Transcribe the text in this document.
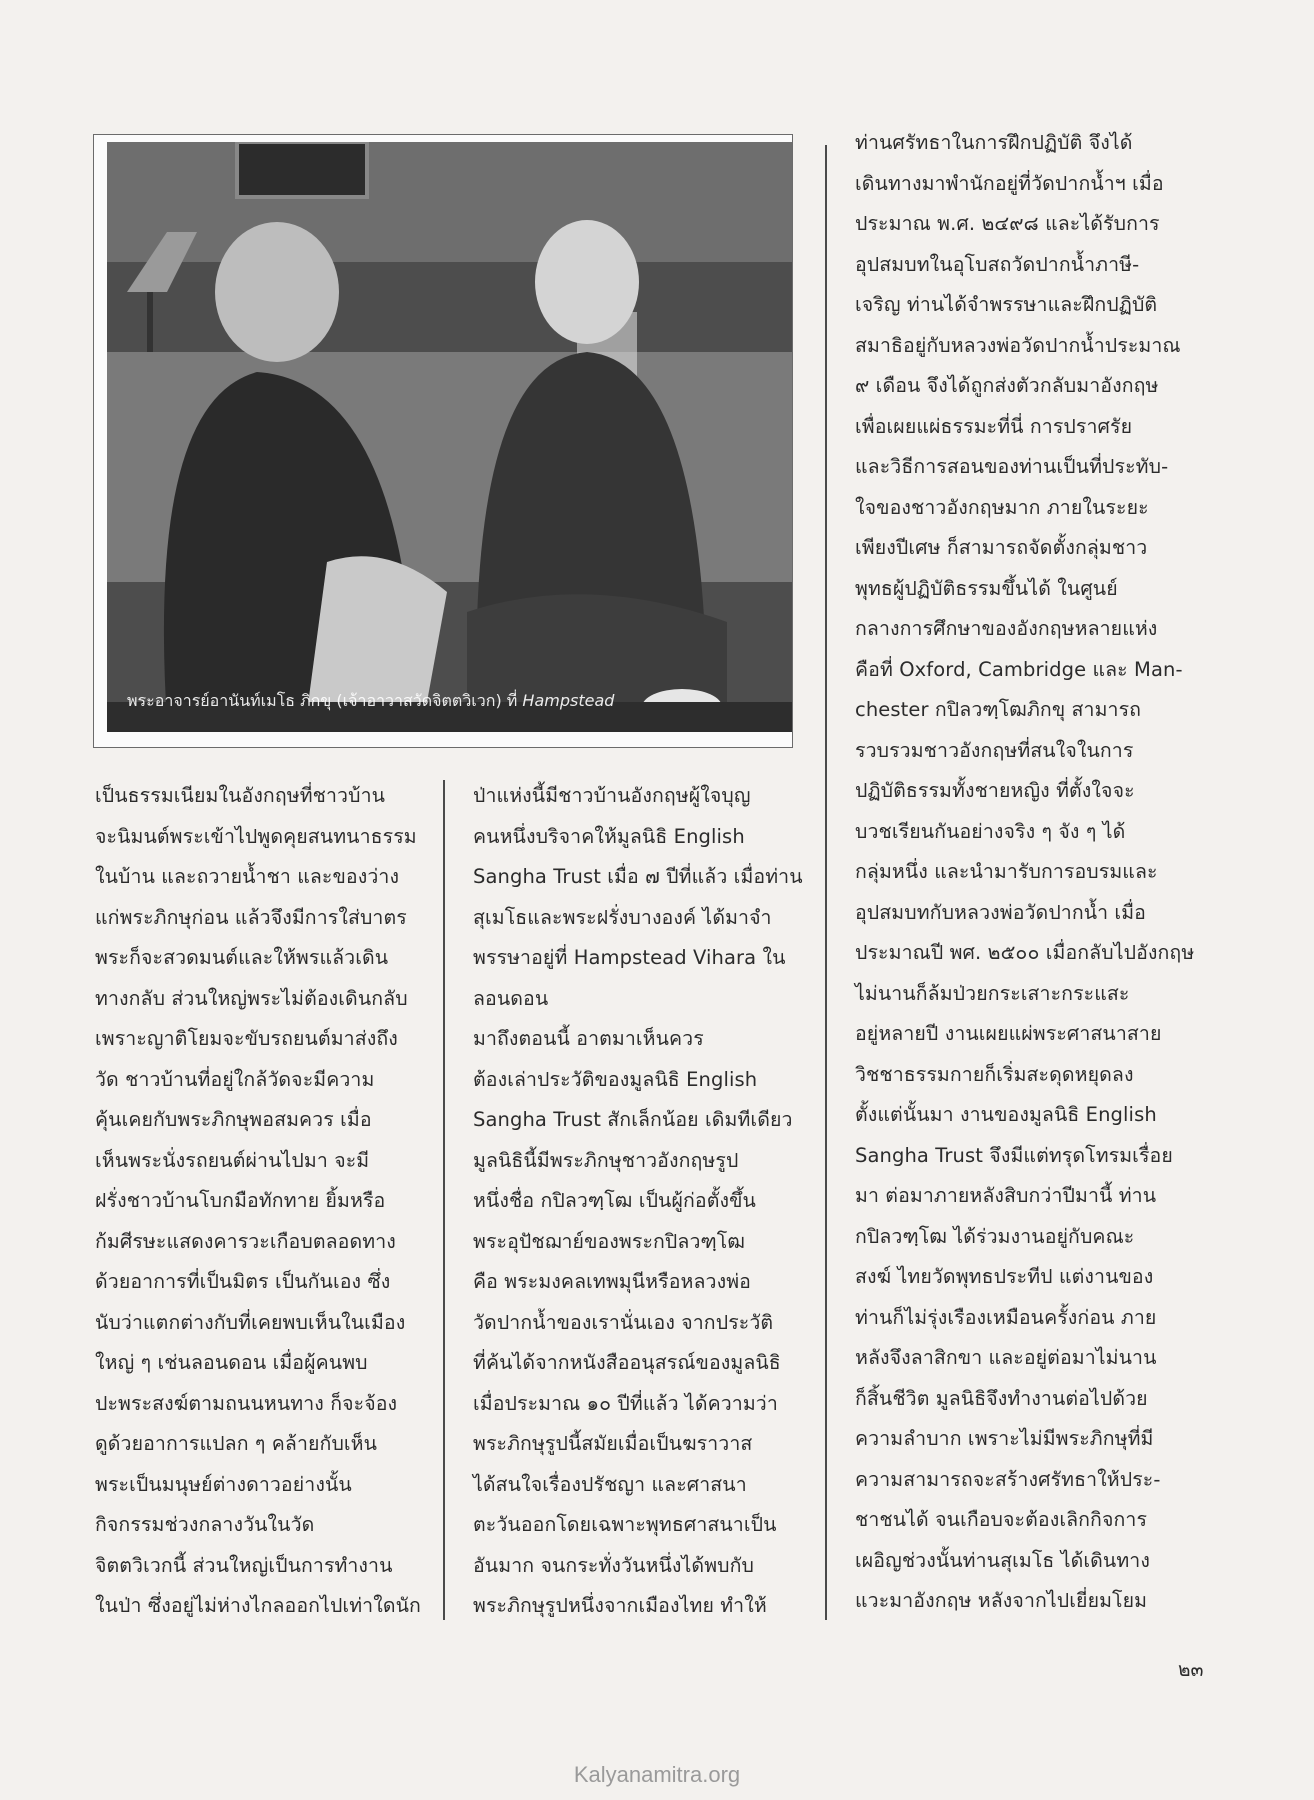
พระอาจารย์อานันท์เมโธ ภิกขุ (เจ้าอาวาสวัดจิตตวิเวก) ที่ Hampstead
ท่านศรัทธาในการฝึกปฏิบัติ จึงได้
เดินทางมาพำนักอยู่ที่วัดปากน้ำฯ เมื่อ
ประมาณ พ.ศ. ๒๔๙๘ และได้รับการ
อุปสมบทในอุโบสถวัดปากน้ำภาษี-
เจริญ ท่านได้จำพรรษาและฝึกปฏิบัติ
สมาธิอยู่กับหลวงพ่อวัดปากน้ำประมาณ
๙ เดือน จึงได้ถูกส่งตัวกลับมาอังกฤษ
เพื่อเผยแผ่ธรรมะที่นี่ การปราศรัย
และวิธีการสอนของท่านเป็นที่ประทับ-
ใจของชาวอังกฤษมาก ภายในระยะ
เพียงปีเศษ ก็สามารถจัดตั้งกลุ่มชาว
พุทธผู้ปฏิบัติธรรมขึ้นได้ ในศูนย์
กลางการศึกษาของอังกฤษหลายแห่ง
คือที่ Oxford, Cambridge และ Man-
chester กปิลวฑฺโฒภิกขุ สามารถ
รวบรวมชาวอังกฤษที่สนใจในการ
ปฏิบัติธรรมทั้งชายหญิง ที่ตั้งใจจะ
บวชเรียนกันอย่างจริง ๆ จัง ๆ ได้
กลุ่มหนึ่ง และนำมารับการอบรมและ
อุปสมบทกับหลวงพ่อวัดปากน้ำ เมื่อ
ประมาณปี พศ. ๒๕๐๐ เมื่อกลับไปอังกฤษ
ไม่นานก็ล้มป่วยกระเสาะกระแสะ
อยู่หลายปี งานเผยแผ่พระศาสนาสาย
วิชชาธรรมกายก็เริ่มสะดุดหยุดลง
ตั้งแต่นั้นมา งานของมูลนิธิ English
Sangha Trust จึงมีแต่ทรุดโทรมเรื่อย
มา ต่อมาภายหลังสิบกว่าปีมานี้ ท่าน
กปิลวฑฺโฒ ได้ร่วมงานอยู่กับคณะ
สงฆ์ ไทยวัดพุทธประทีป แต่งานของ
ท่านก็ไม่รุ่งเรืองเหมือนครั้งก่อน ภาย
หลังจึงลาสิกขา และอยู่ต่อมาไม่นาน
ก็สิ้นชีวิต มูลนิธิจึงทำงานต่อไปด้วย
ความลำบาก เพราะไม่มีพระภิกษุที่มี
ความสามารถจะสร้างศรัทธาให้ประ-
ชาชนได้ จนเกือบจะต้องเลิกกิจการ
เผอิญช่วงนั้นท่านสุเมโธ ได้เดินทาง
แวะมาอังกฤษ หลังจากไปเยี่ยมโยม
เป็นธรรมเนียมในอังกฤษที่ชาวบ้าน
จะนิมนต์พระเข้าไปพูดคุยสนทนาธรรม
ในบ้าน และถวายน้ำชา และของว่าง
แก่พระภิกษุก่อน แล้วจึงมีการใส่บาตร
พระก็จะสวดมนต์และให้พรแล้วเดิน
ทางกลับ ส่วนใหญ่พระไม่ต้องเดินกลับ
เพราะญาติโยมจะขับรถยนต์มาส่งถึง
วัด ชาวบ้านที่อยู่ใกล้วัดจะมีความ
คุ้นเคยกับพระภิกษุพอสมควร เมื่อ
เห็นพระนั่งรถยนต์ผ่านไปมา จะมี
ฝรั่งชาวบ้านโบกมือทักทาย ยิ้มหรือ
ก้มศีรษะแสดงคารวะเกือบตลอดทาง
ด้วยอาการที่เป็นมิตร เป็นกันเอง ซึ่ง
นับว่าแตกต่างกับที่เคยพบเห็นในเมือง
ใหญ่ ๆ เช่นลอนดอน เมื่อผู้คนพบ
ปะพระสงฆ์ตามถนนหนทาง ก็จะจ้อง
ดูด้วยอาการแปลก ๆ คล้ายกับเห็น
พระเป็นมนุษย์ต่างดาวอย่างนั้น
กิจกรรมช่วงกลางวันในวัด
จิตตวิเวกนี้ ส่วนใหญ่เป็นการทำงาน
ในป่า ซึ่งอยู่ไม่ห่างไกลออกไปเท่าใดนัก
ป่าแห่งนี้มีชาวบ้านอังกฤษผู้ใจบุญ
คนหนึ่งบริจาคให้มูลนิธิ English
Sangha Trust เมื่อ ๗ ปีที่แล้ว เมื่อท่าน
สุเมโธและพระฝรั่งบางองค์ ได้มาจำ
พรรษาอยู่ที่ Hampstead Vihara ใน
ลอนดอน
มาถึงตอนนี้ อาตมาเห็นควร
ต้องเล่าประวัติของมูลนิธิ English
Sangha Trust สักเล็กน้อย เดิมทีเดียว
มูลนิธินี้มีพระภิกษุชาวอังกฤษรูป
หนึ่งชื่อ กปิลวฑฺโฒ เป็นผู้ก่อตั้งขึ้น
พระอุปัชฌาย์ของพระกปิลวฑฺโฒ
คือ พระมงคลเทพมุนีหรือหลวงพ่อ
วัดปากน้ำของเรานั่นเอง จากประวัติ
ที่ค้นได้จากหนังสืออนุสรณ์ของมูลนิธิ
เมื่อประมาณ ๑๐ ปีที่แล้ว ได้ความว่า
พระภิกษุรูปนี้สมัยเมื่อเป็นฆราวาส
ได้สนใจเรื่องปรัชญา และศาสนา
ตะวันออกโดยเฉพาะพุทธศาสนาเป็น
อันมาก จนกระทั่งวันหนึ่งได้พบกับ
พระภิกษุรูปหนึ่งจากเมืองไทย ทำให้
๒๓
Kalyanamitra.org
